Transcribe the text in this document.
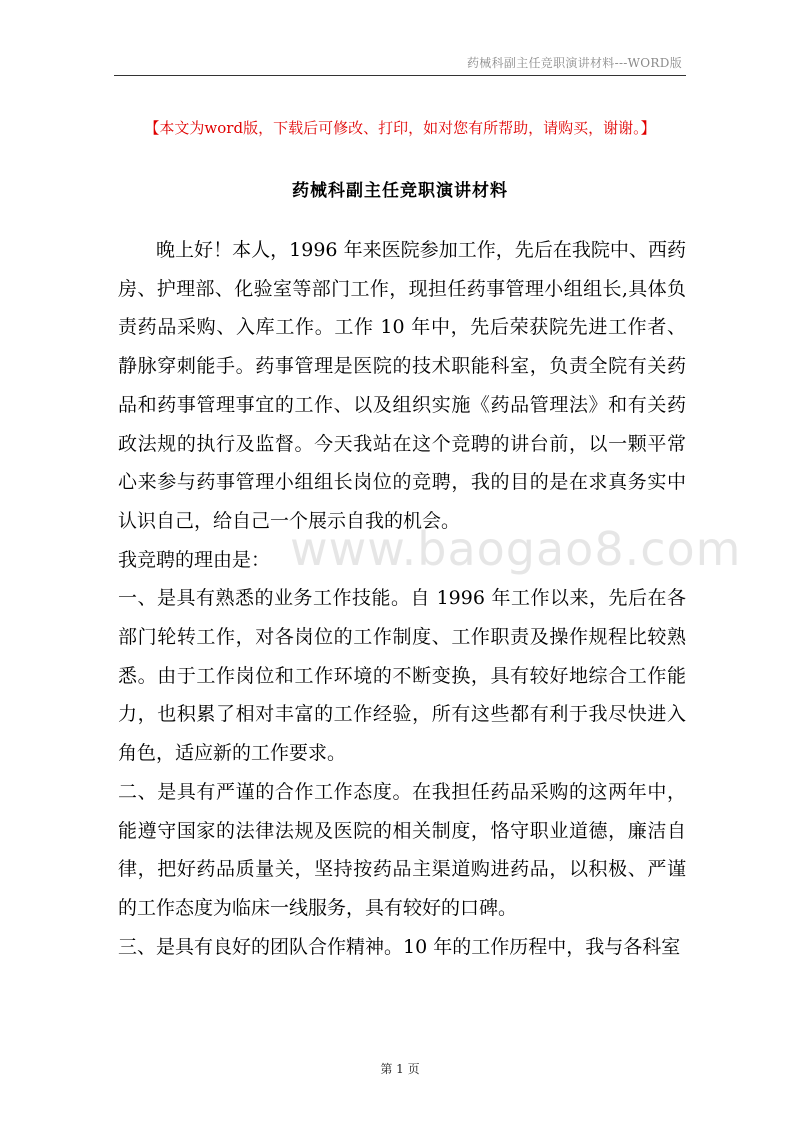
药械科副主任竞职演讲材料---WORD版
【本文为word版，下载后可修改、打印，如对您有所帮助，请购买，谢谢。】
药械科副主任竞职演讲材料

晚上好！本人，1996 年来医院参加工作，先后在我院中、西药房、护理部、化验室等部门工作，现担任药事管理小组组长,具体负责药品采购、入库工作。工作 10 年中，先后荣获院先进工作者、静脉穿刺能手。药事管理是医院的技术职能科室，负责全院有关药品和药事管理事宜的工作、以及组织实施《药品管理法》和有关药政法规的执行及监督。今天我站在这个竞聘的讲台前，以一颗平常心来参与药事管理小组组长岗位的竞聘，我的目的是在求真务实中认识自己，给自己一个展示自我的机会。

我竞聘的理由是：

一、是具有熟悉的业务工作技能。自 1996 年工作以来，先后在各部门轮转工作，对各岗位的工作制度、工作职责及操作规程比较熟悉。由于工作岗位和工作环境的不断变换，具有较好地综合工作能力，也积累了相对丰富的工作经验，所有这些都有利于我尽快进入角色，适应新的工作要求。

二、是具有严谨的合作工作态度。在我担任药品采购的这两年中，能遵守国家的法律法规及医院的相关制度，恪守职业道德，廉洁自律，把好药品质量关，坚持按药品主渠道购进药品，以积极、严谨的工作态度为临床一线服务，具有较好的口碑。

三、是具有良好的团队合作精神。10 年的工作历程中，我与各科室

www.baogao8.com
第 1 页
